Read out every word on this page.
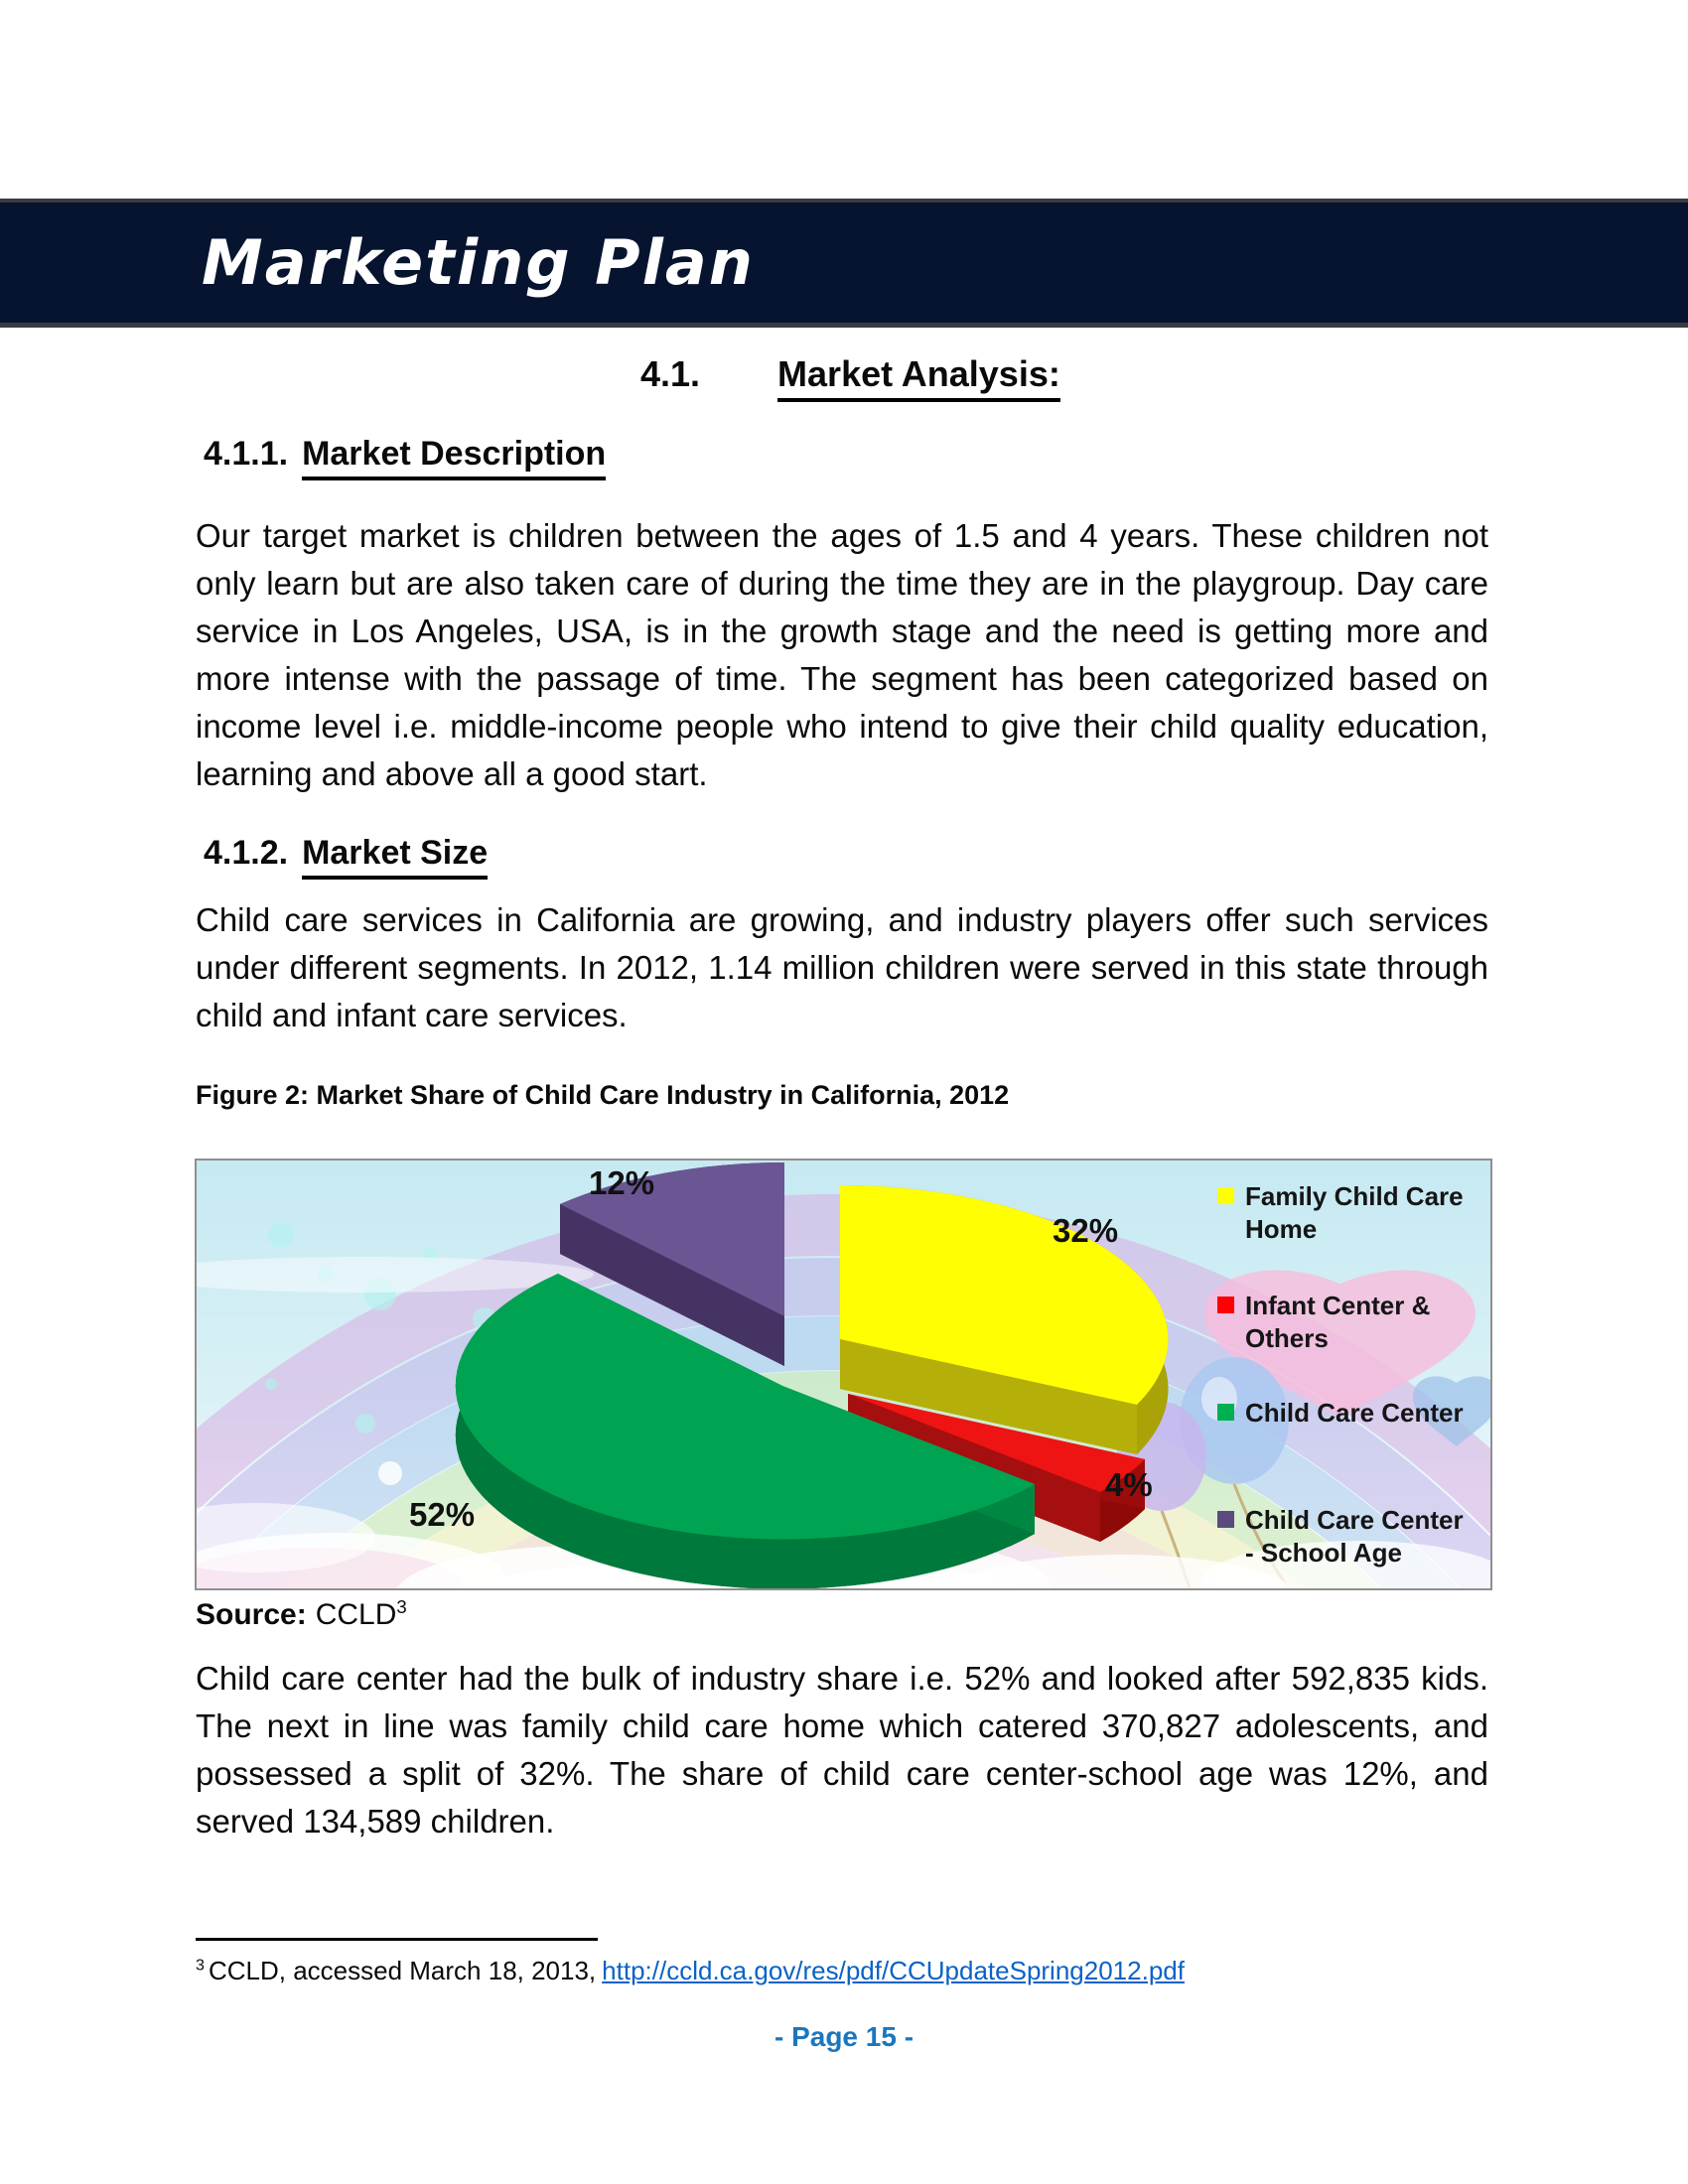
Marketing Plan
4.1. Market Analysis:
4.1.1. Market Description

Our target market is children between the ages of 1.5 and 4 years. These children not only learn but are also taken care of during the time they are in the playgroup. Day care service in Los Angeles, USA, is in the growth stage and the need is getting more and more intense with the passage of time. The segment has been categorized based on income level i.e. middle-income people who intend to give their child quality education, learning and above all a good start.

4.1.2. Market Size

Child care services in California are growing, and industry players offer such services under different segments. In 2012, 1.14 million children were served in this state through child and infant care services.

Figure 2: Market Share of Child Care Industry in California, 2012
32%
4%
52%
12%	Family Child Care Home
Infant Center & Others
Child Care Center
Child Care Center - School Age
Source: CCLD$^3$

Child care center had the bulk of industry share i.e. 52% and looked after 592,835 kids. The next in line was family child care home which catered 370,827 adolescents, and possessed a split of 32%. The share of child care center-school age was 12%, and served 134,589 children.

$^3$ CCLD, accessed March 18, 2013, http://ccld.ca.gov/res/pdf/CCUpdateSpring2012.pdf
- Page 15 -
